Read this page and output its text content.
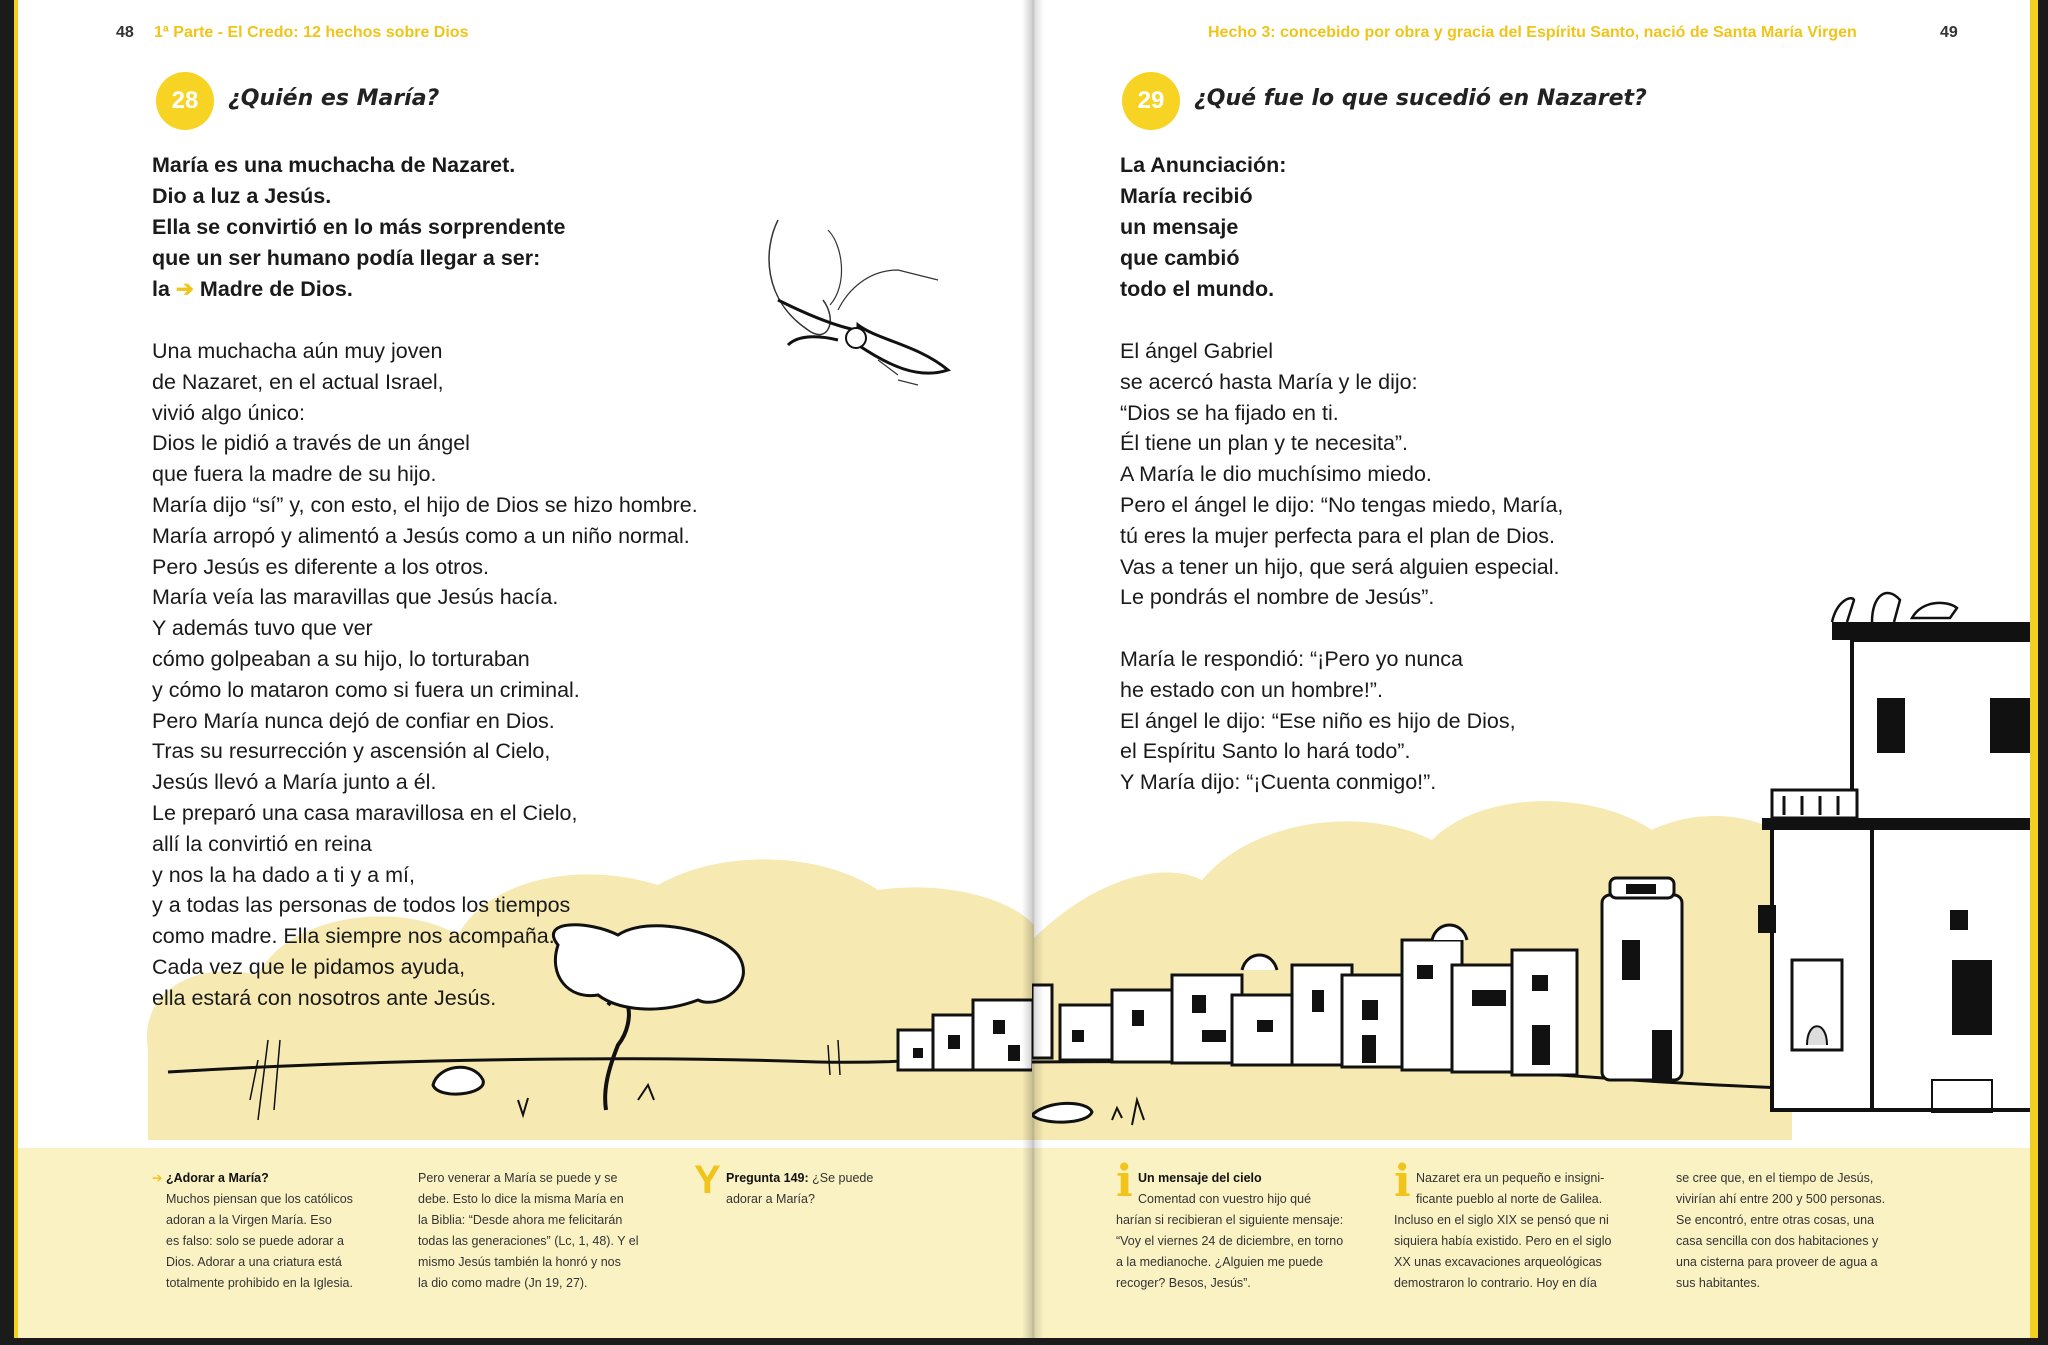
48 1ª Parte - El Credo: 12 hechos sobre Dios
28	¿Quién es María?
María es una muchacha de Nazaret.
Dio a luz a Jesús.
Ella se convirtió en lo más sorprendente
que un ser humano podía llegar a ser:
la ➔ Madre de Dios.
Una muchacha aún muy joven
de Nazaret, en el actual Israel,
vivió algo único:
Dios le pidió a través de un ángel
que fuera la madre de su hijo.
María dijo “sí” y, con esto, el hijo de Dios se hizo hombre.
María arropó y alimentó a Jesús como a un niño normal.
Pero Jesús es diferente a los otros.
María veía las maravillas que Jesús hacía.
Y además tuvo que ver
cómo golpeaban a su hijo, lo torturaban
y cómo lo mataron como si fuera un criminal.
Pero María nunca dejó de confiar en Dios.
Tras su resurrección y ascensión al Cielo,
Jesús llevó a María junto a él.
Le preparó una casa maravillosa en el Cielo,
allí la convirtió en reina
y nos la ha dado a ti y a mí,
y a todas las personas de todos los tiempos
como madre. Ella siempre nos acompaña.
Cada vez que le pidamos ayuda,
ella estará con nosotros ante Jesús.
➔ ¿Adorar a María?
Muchos piensan que los católicos
adoran a la Virgen María. Eso
es falso: solo se puede adorar a
Dios. Adorar a una criatura está
totalmente prohibido en la Iglesia.
Pero venerar a María se puede y se
debe. Esto lo dice la misma María en
la Biblia: “Desde ahora me felicitarán
todas las generaciones” (Lc, 1, 48). Y el
mismo Jesús también la honró y nos
la dio como madre (Jn 19, 27).
Y Pregunta 149: ¿Se puede
adorar a María?
Hecho 3: concebido por obra y gracia del Espíritu Santo, nació de Santa María Virgen	49
29	¿Qué fue lo que sucedió en Nazaret?
La Anunciación:
María recibió
un mensaje
que cambió
todo el mundo.
El ángel Gabriel
se acercó hasta María y le dijo:
“Dios se ha fijado en ti.
Él tiene un plan y te necesita”.
A María le dio muchísimo miedo.
Pero el ángel le dijo: “No tengas miedo, María,
tú eres la mujer perfecta para el plan de Dios.
Vas a tener un hijo, que será alguien especial.
Le pondrás el nombre de Jesús”.
María le respondió: “¡Pero yo nunca
he estado con un hombre!”.
El ángel le dijo: “Ese niño es hijo de Dios,
el Espíritu Santo lo hará todo”.
Y María dijo: “¡Cuenta conmigo!”.
i Un mensaje del cielo
Comentad con vuestro hijo qué
harían si recibieran el siguiente mensaje:
“Voy el viernes 24 de diciembre, en torno
a la medianoche. ¿Alguien me puede
recoger? Besos, Jesús”.
i Nazaret era un pequeño e insigni-
ficante pueblo al norte de Galilea.
Incluso en el siglo XIX se pensó que ni
siquiera había existido. Pero en el siglo
XX unas excavaciones arqueológicas
demostraron lo contrario. Hoy en día
se cree que, en el tiempo de Jesús,
vivirían ahí entre 200 y 500 personas.
Se encontró, entre otras cosas, una
casa sencilla con dos habitaciones y
una cisterna para proveer de agua a
sus habitantes.
